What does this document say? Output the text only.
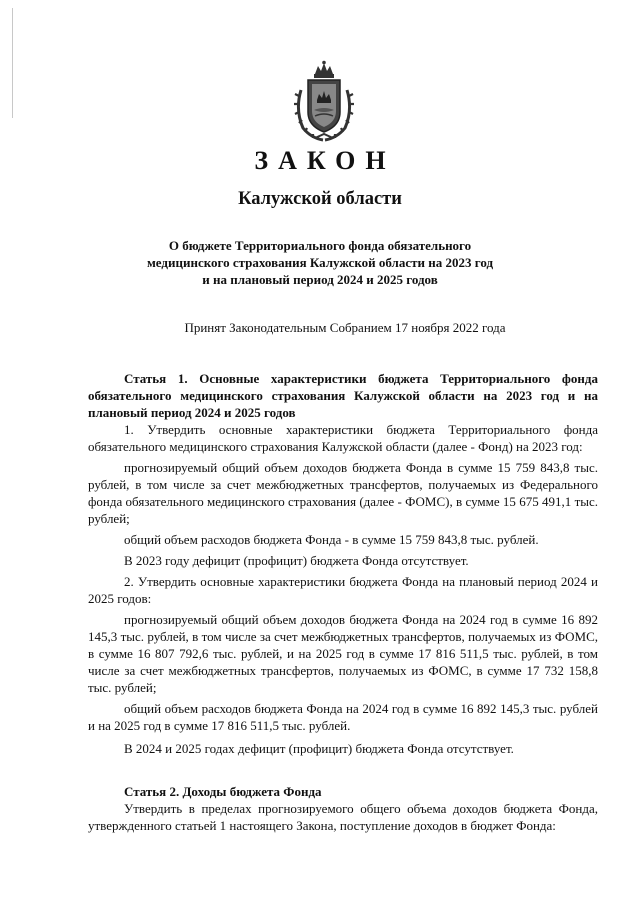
ЗАКОН
Калужской области
О бюджете Территориального фонда обязательного
медицинского страхования Калужской области на 2023 год
и на плановый период 2024 и 2025 годов
Принят Законодательным Собранием 17 ноября 2022 года

Статья 1. Основные характеристики бюджета Территориального фонда обязательного медицинского страхования Калужской области на 2023 год и на плановый период 2024 и 2025 годов

1. Утвердить основные характеристики бюджета Территориального фонда обязательного медицинского страхования Калужской области (далее - Фонд) на 2023 год:

прогнозируемый общий объем доходов бюджета Фонда в сумме 15 759 843,8 тыс. рублей, в том числе за счет межбюджетных трансфертов, получаемых из Федерального фонда обязательного медицинского страхования (далее - ФОМС), в сумме 15 675 491,1 тыс. рублей;

общий объем расходов бюджета Фонда - в сумме 15 759 843,8 тыс. рублей.

В 2023 году дефицит (профицит) бюджета Фонда отсутствует.

2. Утвердить основные характеристики бюджета Фонда на плановый период 2024 и 2025 годов:

прогнозируемый общий объем доходов бюджета Фонда на 2024 год в сумме 16 892 145,3 тыс. рублей, в том числе за счет межбюджетных трансфертов, получаемых из ФОМС, в сумме 16 807 792,6 тыс. рублей, и на 2025 год в сумме 17 816 511,5 тыс. рублей, в том числе за счет межбюджетных трансфертов, получаемых из ФОМС, в сумме 17 732 158,8 тыс. рублей;

общий объем расходов бюджета Фонда на 2024 год в сумме 16 892 145,3 тыс. рублей и на 2025 год в сумме 17 816 511,5 тыс. рублей.

В 2024 и 2025 годах дефицит (профицит) бюджета Фонда отсутствует.

Статья 2. Доходы бюджета Фонда

Утвердить в пределах прогнозируемого общего объема доходов бюджета Фонда, утвержденного статьей 1 настоящего Закона, поступление доходов в бюджет Фонда:
